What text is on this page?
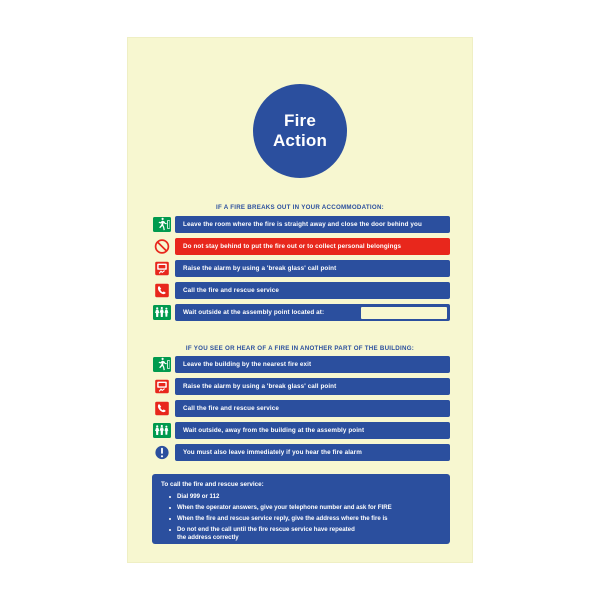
Fire
Action
IF A FIRE BREAKS OUT IN YOUR ACCOMMODATION:
Leave the room where the fire is straight away and close the door behind you
Do not stay behind to put the fire out or to collect personal belongings
Raise the alarm by using a 'break glass' call point
Call the fire and rescue service
Wait outside at the assembly point located at:
IF YOU SEE OR HEAR OF A FIRE IN ANOTHER PART OF THE BUILDING:
Leave the building by the nearest fire exit
Raise the alarm by using a 'break glass' call point
Call the fire and rescue service
Wait outside, away from the building at the assembly point
You must also leave immediately if you hear the fire alarm
To call the fire and rescue service:
Dial 999 or 112
When the operator answers, give your telephone number and ask for FIRE
When the fire and rescue service reply, give the address where the fire is
Do not end the call until the fire rescue service have repeated
the address correctly
